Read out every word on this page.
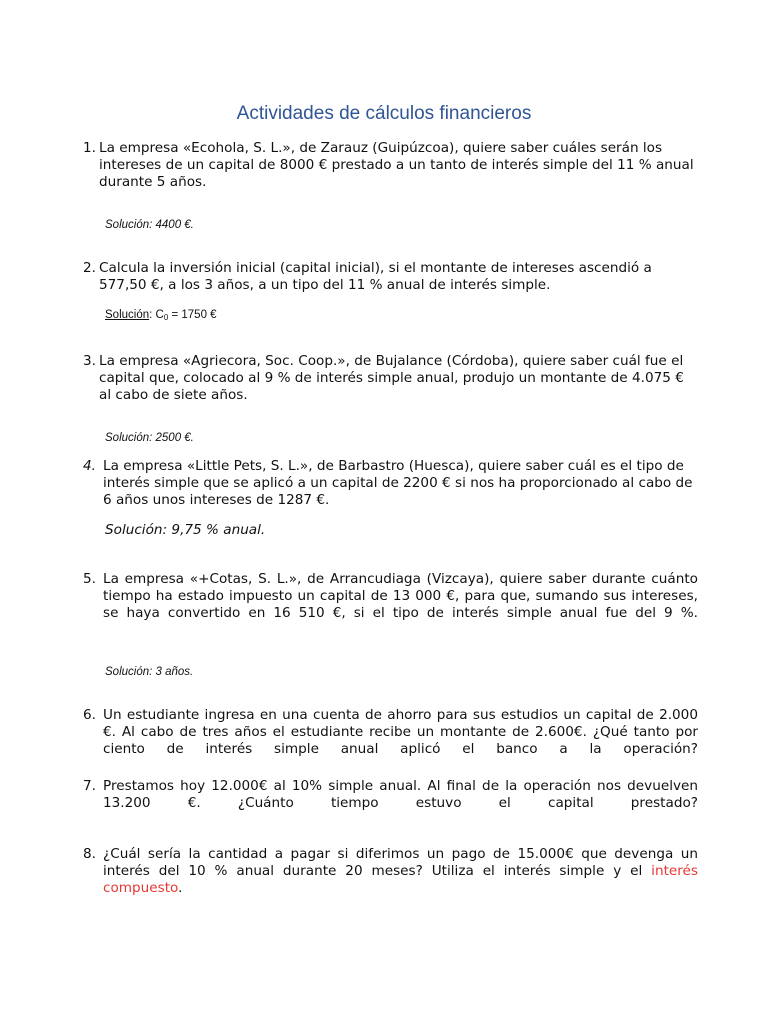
Actividades de cálculos financieros
1. La empresa «Ecohola, S. L.», de Zarauz (Guipúzcoa), quiere saber cuáles serán los intereses de un capital de 8000 € prestado a un tanto de interés simple del 11 % anual durante 5 años.
Solución: 4400 €.
2. Calcula la inversión inicial (capital inicial), si el montante de intereses ascendió a 577,50 €, a los 3 años, a un tipo del 11 % anual de interés simple.
Solución: $C_0 = 1750$ €
3. La empresa «Agriecora, Soc. Coop.», de Bujalance (Córdoba), quiere saber cuál fue el capital que, colocado al 9 % de interés simple anual, produjo un montante de 4.075 € al cabo de siete años.
Solución: 2500 €.
4. La empresa «Little Pets, S. L.», de Barbastro (Huesca), quiere saber cuál es el tipo de interés simple que se aplicó a un capital de 2200 € si nos ha proporcionado al cabo de 6 años unos intereses de 1287 €.
Solución: 9,75 % anual.
5. La empresa «+Cotas, S. L.», de Arrancudiaga (Vizcaya), quiere saber durante cuánto tiempo ha estado impuesto un capital de 13 000 €, para que, sumando sus intereses, se haya convertido en 16 510 €, si el tipo de interés simple anual fue del 9 %.
Solución: 3 años.
6. Un estudiante ingresa en una cuenta de ahorro para sus estudios un capital de 2.000 €. Al cabo de tres años el estudiante recibe un montante de 2.600€. ¿Qué tanto por ciento de interés simple anual aplicó el banco a la operación?
7. Prestamos hoy 12.000€ al 10% simple anual. Al final de la operación nos devuelven 13.200 €. ¿Cuánto tiempo estuvo el capital prestado?
8. ¿Cuál sería la cantidad a pagar si diferimos un pago de 15.000€ que devenga un interés del 10 % anual durante 20 meses? Utiliza el interés simple y el interés compuesto.
